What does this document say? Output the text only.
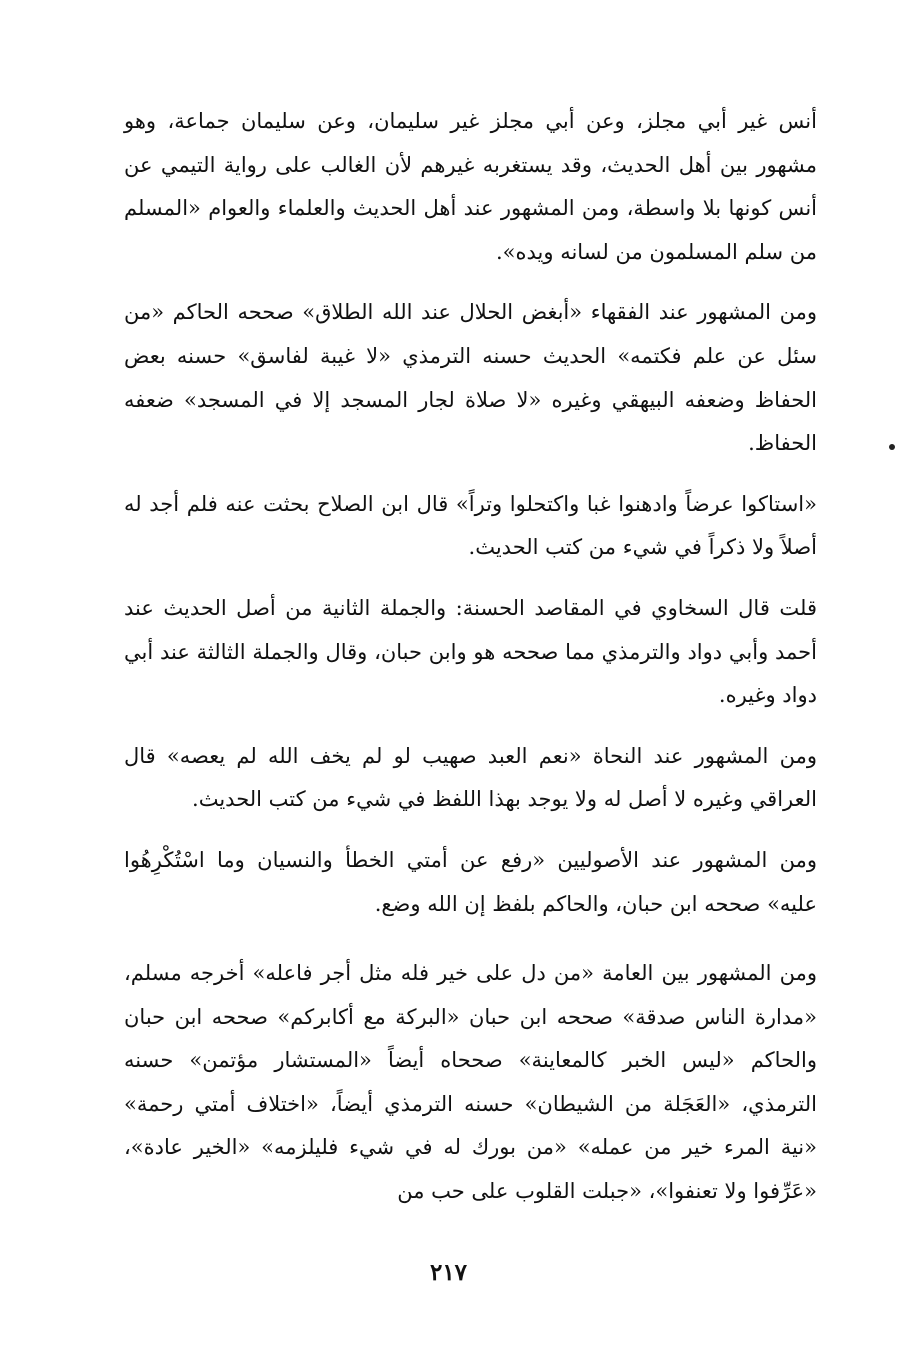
أنس غير أبي مجلز، وعن أبي مجلز غير سليمان، وعن سليمان جماعة، وهو مشهور بين أهل الحديث، وقد يستغربه غيرهم لأن الغالب على رواية التيمي عن أنس كونها بلا واسطة، ومن المشهور عند أهل الحديث والعلماء والعوام «المسلم من سلم المسلمون من لسانه ويده».

ومن المشهور عند الفقهاء «أبغض الحلال عند الله الطلاق» صححه الحاكم «من سئل عن علم فكتمه» الحديث حسنه الترمذي «لا غيبة لفاسق» حسنه بعض الحفاظ وضعفه البيهقي وغيره «لا صلاة لجار المسجد إلا في المسجد» ضعفه الحفاظ.

«استاكوا عرضاً وادهنوا غبا واكتحلوا وتراً» قال ابن الصلاح بحثت عنه فلم أجد له أصلاً ولا ذكراً في شيء من كتب الحديث.

قلت قال السخاوي في المقاصد الحسنة: والجملة الثانية من أصل الحديث عند أحمد وأبي دواد والترمذي مما صححه هو وابن حبان، وقال والجملة الثالثة عند أبي دواد وغيره.

ومن المشهور عند النحاة «نعم العبد صهيب لو لم يخف الله لم يعصه» قال العراقي وغيره لا أصل له ولا يوجد بهذا اللفظ في شيء من كتب الحديث.

ومن المشهور عند الأصوليين «رفع عن أمتي الخطأ والنسيان وما اسْتُكْرِهُوا عليه» صححه ابن حبان، والحاكم بلفظ إن الله وضع.

ومن المشهور بين العامة «من دل على خير فله مثل أجر فاعله» أخرجه مسلم، «مدارة الناس صدقة» صححه ابن حبان «البركة مع أكابركم» صححه ابن حبان والحاكم «ليس الخبر كالمعاينة» صححاه أيضاً «المستشار مؤتمن» حسنه الترمذي، «العَجَلة من الشيطان» حسنه الترمذي أيضاً، «اختلاف أمتي رحمة» «نية المرء خير من عمله» «من بورك له في شيء فليلزمه» «الخير عادة»، «عَرِّفوا ولا تعنفوا»، «جبلت القلوب على حب من

٢١٧
